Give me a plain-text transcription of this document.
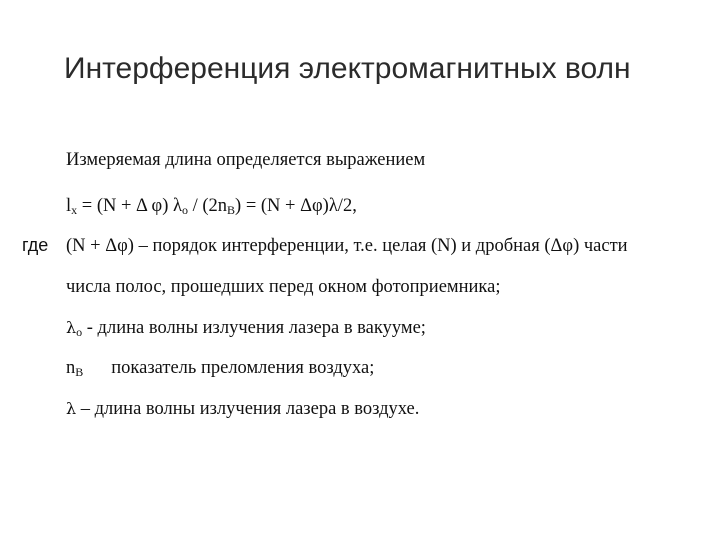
Интерференция электромагнитных волн
Измеряемая длина определяется выражением
$l_x = (N + \Delta$ φ) $\lambda_o / (2n_B) = (N + \Delta\varphi)\lambda/2$,
где (N + Δφ) – порядок интерференции, т.е. целая (N) и дробная (Δφ) части
числа полос, прошедших перед окном фотоприемника;
$\lambda_o$ - длина волны излучения лазера в вакууме;
$n_B$ показатель преломления воздуха;
λ – длина волны излучения лазера в воздухе.
